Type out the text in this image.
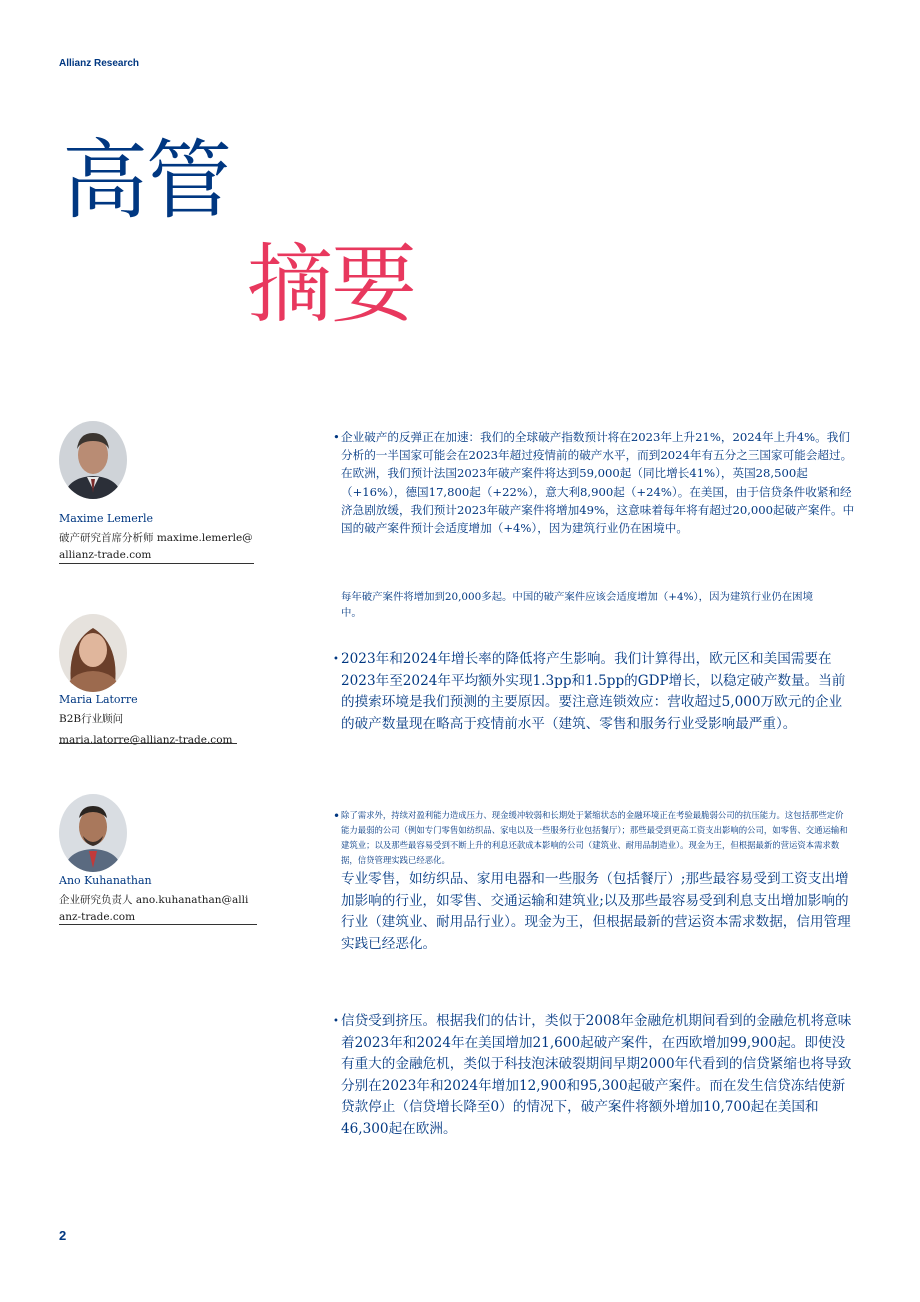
Allianz Research
高管
摘要
Maxime Lemerle
破产研究首席分析师 maxime.lemerle@
allianz-trade.com
Maria Latorre
B2B行业顾问
maria.latorre@allianz-trade.com
Ano Kuhanathan
企业研究负责人 ano.kuhanathan@alli
anz-trade.com
• 企业破产的反弹正在加速：我们的全球破产指数预计将在2023年上升21%，2024年上升4%。我们分析的一半国家可能会在2023年超过疫情前的破产水平，而到2024年有五分之三国家可能会超过。在欧洲，我们预计法国2023年破产案件将达到59,000起（同比增长41%），英国28,500起（+16%），德国17,800起（+22%），意大利8,900起（+24%）。在美国，由于信贷条件收紧和经济急剧放缓，我们预计2023年破产案件将增加49%，这意味着每年将有超过20,000起破产案件。中国的破产案件预计会适度增加（+4%），因为建筑行业仍在困境中。
每年破产案件将增加到20,000多起。中国的破产案件应该会适度增加（+4%），因为建筑行业仍在困境中。
• 2023年和2024年增长率的降低将产生影响。我们计算得出，欧元区和美国需要在2023年至2024年平均额外实现1.3pp和1.5pp的GDP增长，以稳定破产数量。当前的摸索环境是我们预测的主要原因。要注意连锁效应：营收超过5,000万欧元的企业的破产数量现在略高于疫情前水平（建筑、零售和服务行业受影响最严重）。
• 除了需求外，持续对盈利能力造成压力、现金缓冲较弱和长期处于紧缩状态的金融环境正在考验最脆弱公司的抗压能力。这包括那些定价能力最弱的公司（例如专门零售如纺织品、家电以及一些服务行业包括餐厅）；那些最受到更高工资支出影响的公司，如零售、交通运输和建筑业；以及那些最容易受到不断上升的利息还款成本影响的公司（建筑业、耐用品制造业）。现金为王，但根据最新的营运资本需求数据，信贷管理实践已经恶化。
专业零售，如纺织品、家用电器和一些服务（包括餐厅）;那些最容易受到工资支出增加影响的行业，如零售、交通运输和建筑业;以及那些最容易受到利息支出增加影响的行业（建筑业、耐用品行业）。现金为王，但根据最新的营运资本需求数据，信用管理实践已经恶化。
• 信贷受到挤压。根据我们的估计，类似于2008年金融危机期间看到的金融危机将意味着2023年和2024年在美国增加21,600起破产案件，在西欧增加99,900起。即使没有重大的金融危机，类似于科技泡沫破裂期间早期2000年代看到的信贷紧缩也将导致分别在2023年和2024年增加12,900和95,300起破产案件。而在发生信贷冻结使新贷款停止（信贷增长降至0）的情况下，破产案件将额外增加10,700起在美国和46,300起在欧洲。
2
